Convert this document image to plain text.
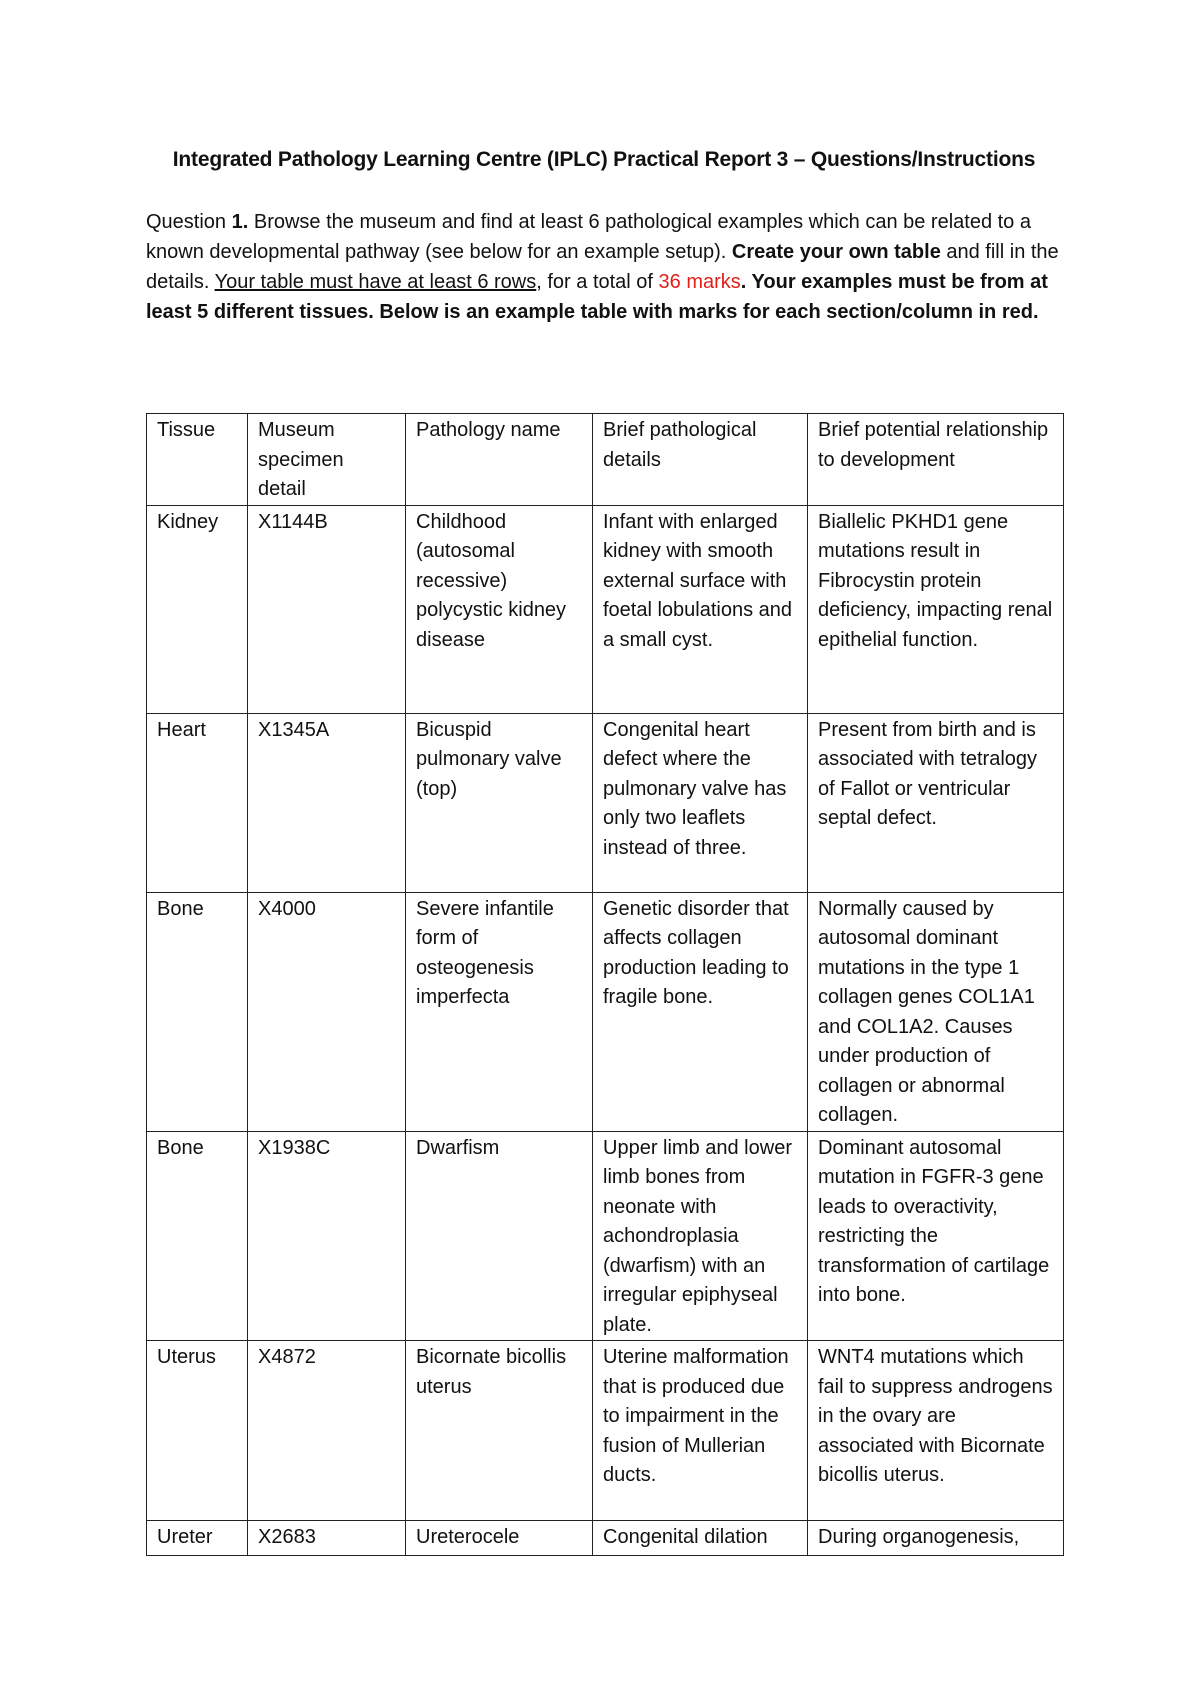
Integrated Pathology Learning Centre (IPLC) Practical Report 3 – Questions/Instructions
Question 1. Browse the museum and find at least 6 pathological examples which can be related to a known developmental pathway (see below for an example setup). Create your own table and fill in the details. Your table must have at least 6 rows, for a total of 36 marks. Your examples must be from at least 5 different tissues. Below is an example table with marks for each section/column in red.
Tissue	Museum specimen detail	Pathology name	Brief pathological details	Brief potential relationship to development
Kidney	X1144B	Childhood (autosomal recessive) polycystic kidney disease	Infant with enlarged kidney with smooth external surface with foetal lobulations and a small cyst.	Biallelic PKHD1 gene mutations result in Fibrocystin protein deficiency, impacting renal epithelial function.
Heart	X1345A	Bicuspid pulmonary valve (top)	Congenital heart defect where the pulmonary valve has only two leaflets instead of three.	Present from birth and is associated with tetralogy of Fallot or ventricular septal defect.
Bone	X4000	Severe infantile form of osteogenesis imperfecta	Genetic disorder that affects collagen production leading to fragile bone.	Normally caused by autosomal dominant mutations in the type 1 collagen genes COL1A1 and COL1A2. Causes under production of collagen or abnormal collagen.
Bone	X1938C	Dwarfism	Upper limb and lower limb bones from neonate with achondroplasia (dwarfism) with an irregular epiphyseal plate.	Dominant autosomal mutation in FGFR-3 gene leads to overactivity, restricting the transformation of cartilage into bone.
Uterus	X4872	Bicornate bicollis uterus	Uterine malformation that is produced due to impairment in the fusion of Mullerian ducts.	WNT4 mutations which fail to suppress androgens in the ovary are associated with Bicornate bicollis uterus.
Ureter	X2683	Ureterocele	Congenital dilation	During organogenesis,
